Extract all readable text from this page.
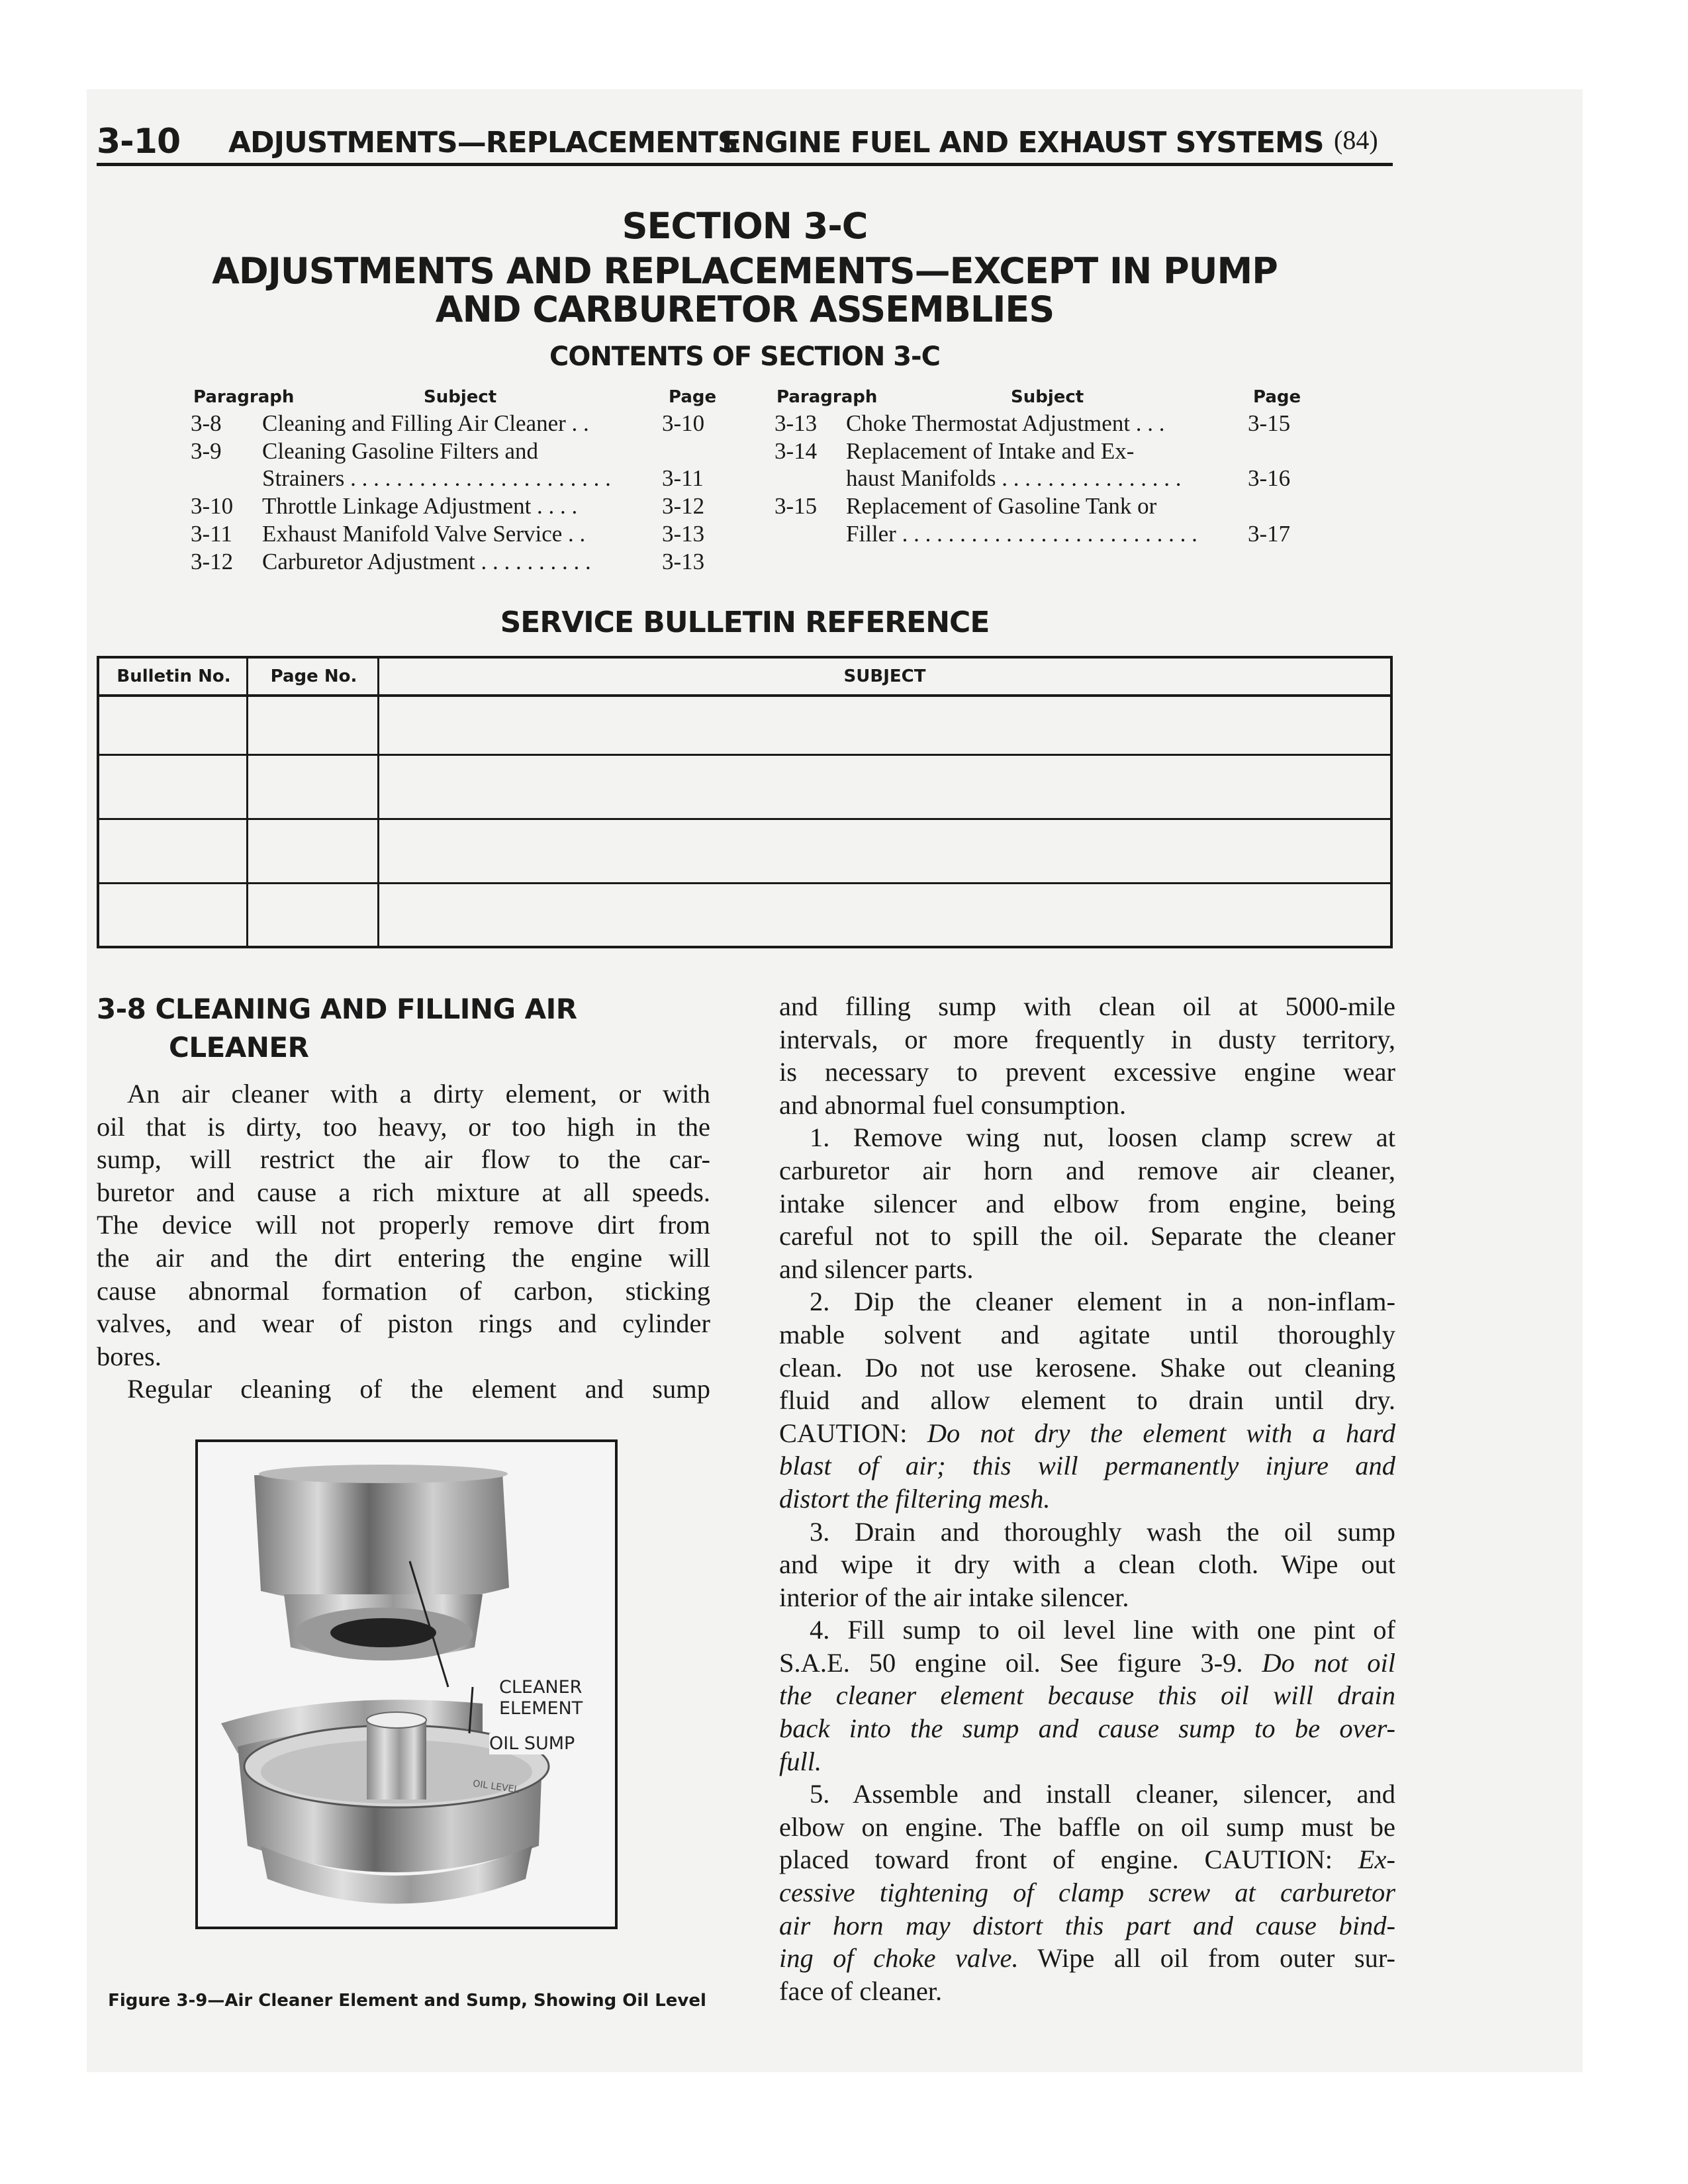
3-10 ADJUSTMENTS—REPLACEMENTS
ENGINE FUEL AND EXHAUST SYSTEMS (84)
SECTION 3-C
ADJUSTMENTS AND REPLACEMENTS—EXCEPT IN PUMP
AND CARBURETOR ASSEMBLIES
CONTENTS OF SECTION 3-C
Paragraph	Subject	Page	Paragraph	Subject	Page
3-8 Cleaning and Filling Air Cleaner . .	3-10
3-9 Cleaning Gasoline Filters and
Strainers . . . . . . . . . . . . . . . . . . . . . . . 3-11
3-10 Throttle Linkage Adjustment . . . .	3-12
3-11 Exhaust Manifold Valve Service . .	3-13
3-12 Carburetor Adjustment . . . . . . . . . .	3-13
3-13 Choke Thermostat Adjustment . . .	3-15
3-14 Replacement of Intake and Ex-
haust Manifolds . . . . . . . . . . . . . . . .	3-16
3-15 Replacement of Gasoline Tank or
Filler . . . . . . . . . . . . . . . . . . . . . . . . . . 3-17
SERVICE BULLETIN REFERENCE
Bulletin No.	Page No.	SUBJECT
3-8 CLEANING AND FILLING AIR
CLEANER
An air cleaner with a dirty element, or with
oil that is dirty, too heavy, or too high in the
sump, will restrict the air flow to the car-
buretor and cause a rich mixture at all speeds.
The device will not properly remove dirt from
the air and the dirt entering the engine will
cause abnormal formation of carbon, sticking
valves, and wear of piston rings and cylinder
bores.
Regular cleaning of the element and sump
and filling sump with clean oil at 5000-mile
intervals, or more frequently in dusty territory,
is necessary to prevent excessive engine wear
and abnormal fuel consumption.
1. Remove wing nut, loosen clamp screw at
carburetor air horn and remove air cleaner,
intake silencer and elbow from engine, being
careful not to spill the oil. Separate the cleaner
and silencer parts.
2. Dip the cleaner element in a non-inflam-
mable solvent and agitate until thoroughly
clean. Do not use kerosene. Shake out cleaning
fluid and allow element to drain until dry.
CAUTION: Do not dry the element with a hard
blast of air; this will permanently injure and
distort the filtering mesh.
3. Drain and thoroughly wash the oil sump
and wipe it dry with a clean cloth. Wipe out
interior of the air intake silencer.
4. Fill sump to oil level line with one pint of
S.A.E. 50 engine oil. See figure 3-9. Do not oil
the cleaner element because this oil will drain
back into the sump and cause sump to be over-
full.
5. Assemble and install cleaner, silencer, and
elbow on engine. The baffle on oil sump must be
placed toward front of engine. CAUTION: Ex-
cessive tightening of clamp screw at carburetor
air horn may distort this part and cause bind-
ing of choke valve. Wipe all oil from outer sur-
face of cleaner.
CLEANER
ELEMENT
OIL SUMP
OIL LEVEL
Figure 3-9—Air Cleaner Element and Sump, Showing Oil Level
